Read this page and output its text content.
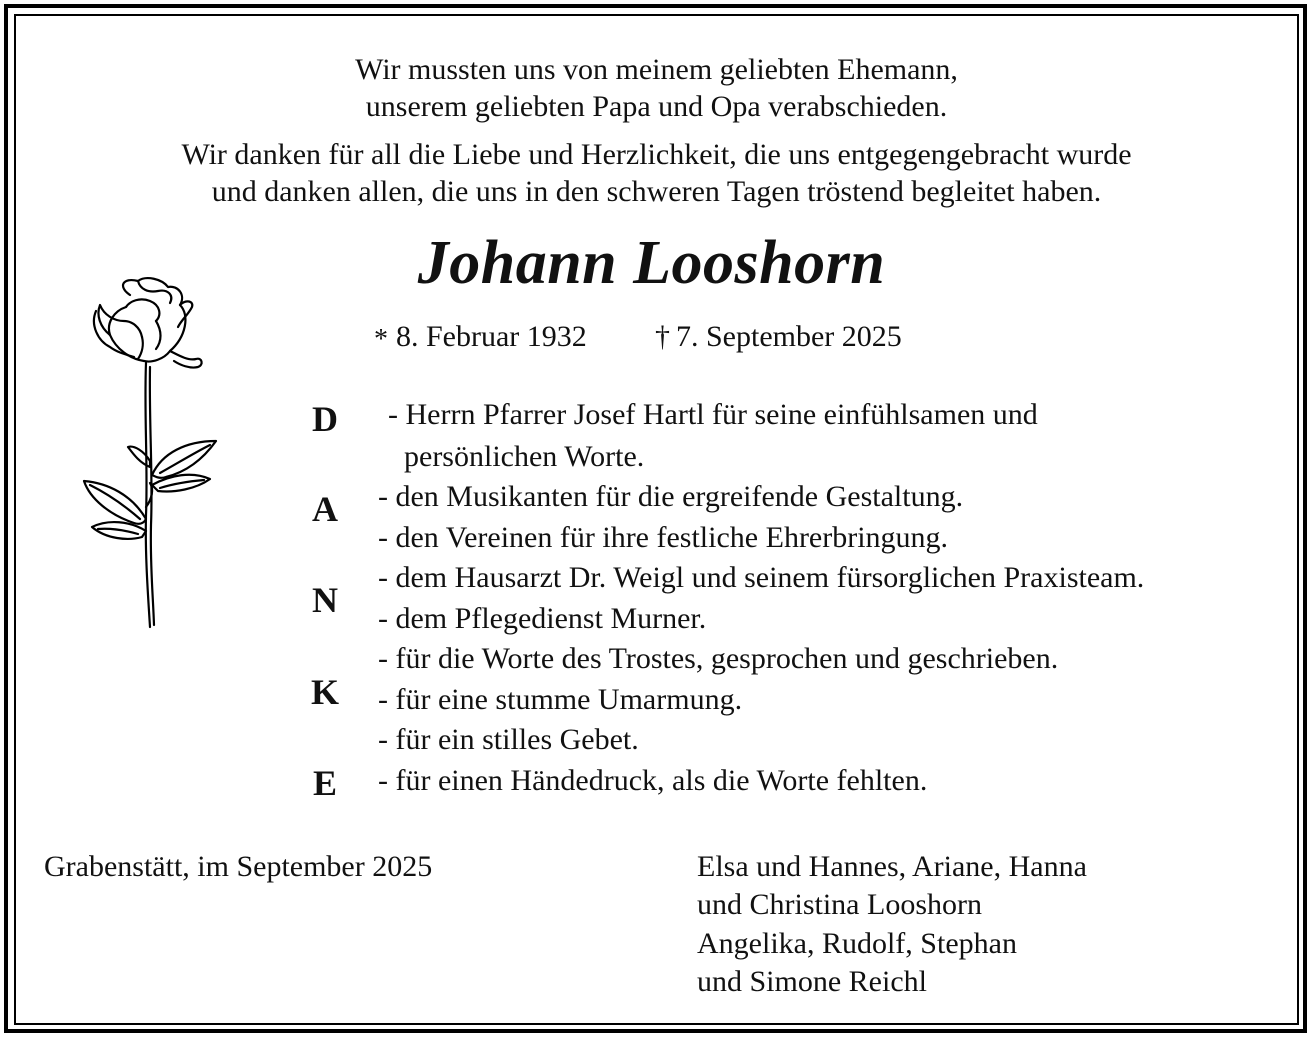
Wir mussten uns von meinem geliebten Ehemann,
unserem geliebten Papa und Opa verabschieden.
Wir danken für all die Liebe und Herzlichkeit, die uns entgegengebracht wurde
und danken allen, die uns in den schweren Tagen tröstend begleitet haben.
Johann Looshorn
* 8. Februar 1932 † 7. September 2025
D
A
N
K
E
- Herrn Pfarrer Josef Hartl für seine einfühlsamen und
persönlichen Worte.
- den Musikanten für die ergreifende Gestaltung.
- den Vereinen für ihre festliche Ehrerbringung.
- dem Hausarzt Dr. Weigl und seinem fürsorglichen Praxisteam.
- dem Pflegedienst Murner.
- für die Worte des Trostes, gesprochen und geschrieben.
- für eine stumme Umarmung.
- für ein stilles Gebet.
- für einen Händedruck, als die Worte fehlten.
Grabenstätt, im September 2025	Elsa und Hannes, Ariane, Hanna
und Christina Looshorn
Angelika, Rudolf, Stephan
und Simone Reichl
